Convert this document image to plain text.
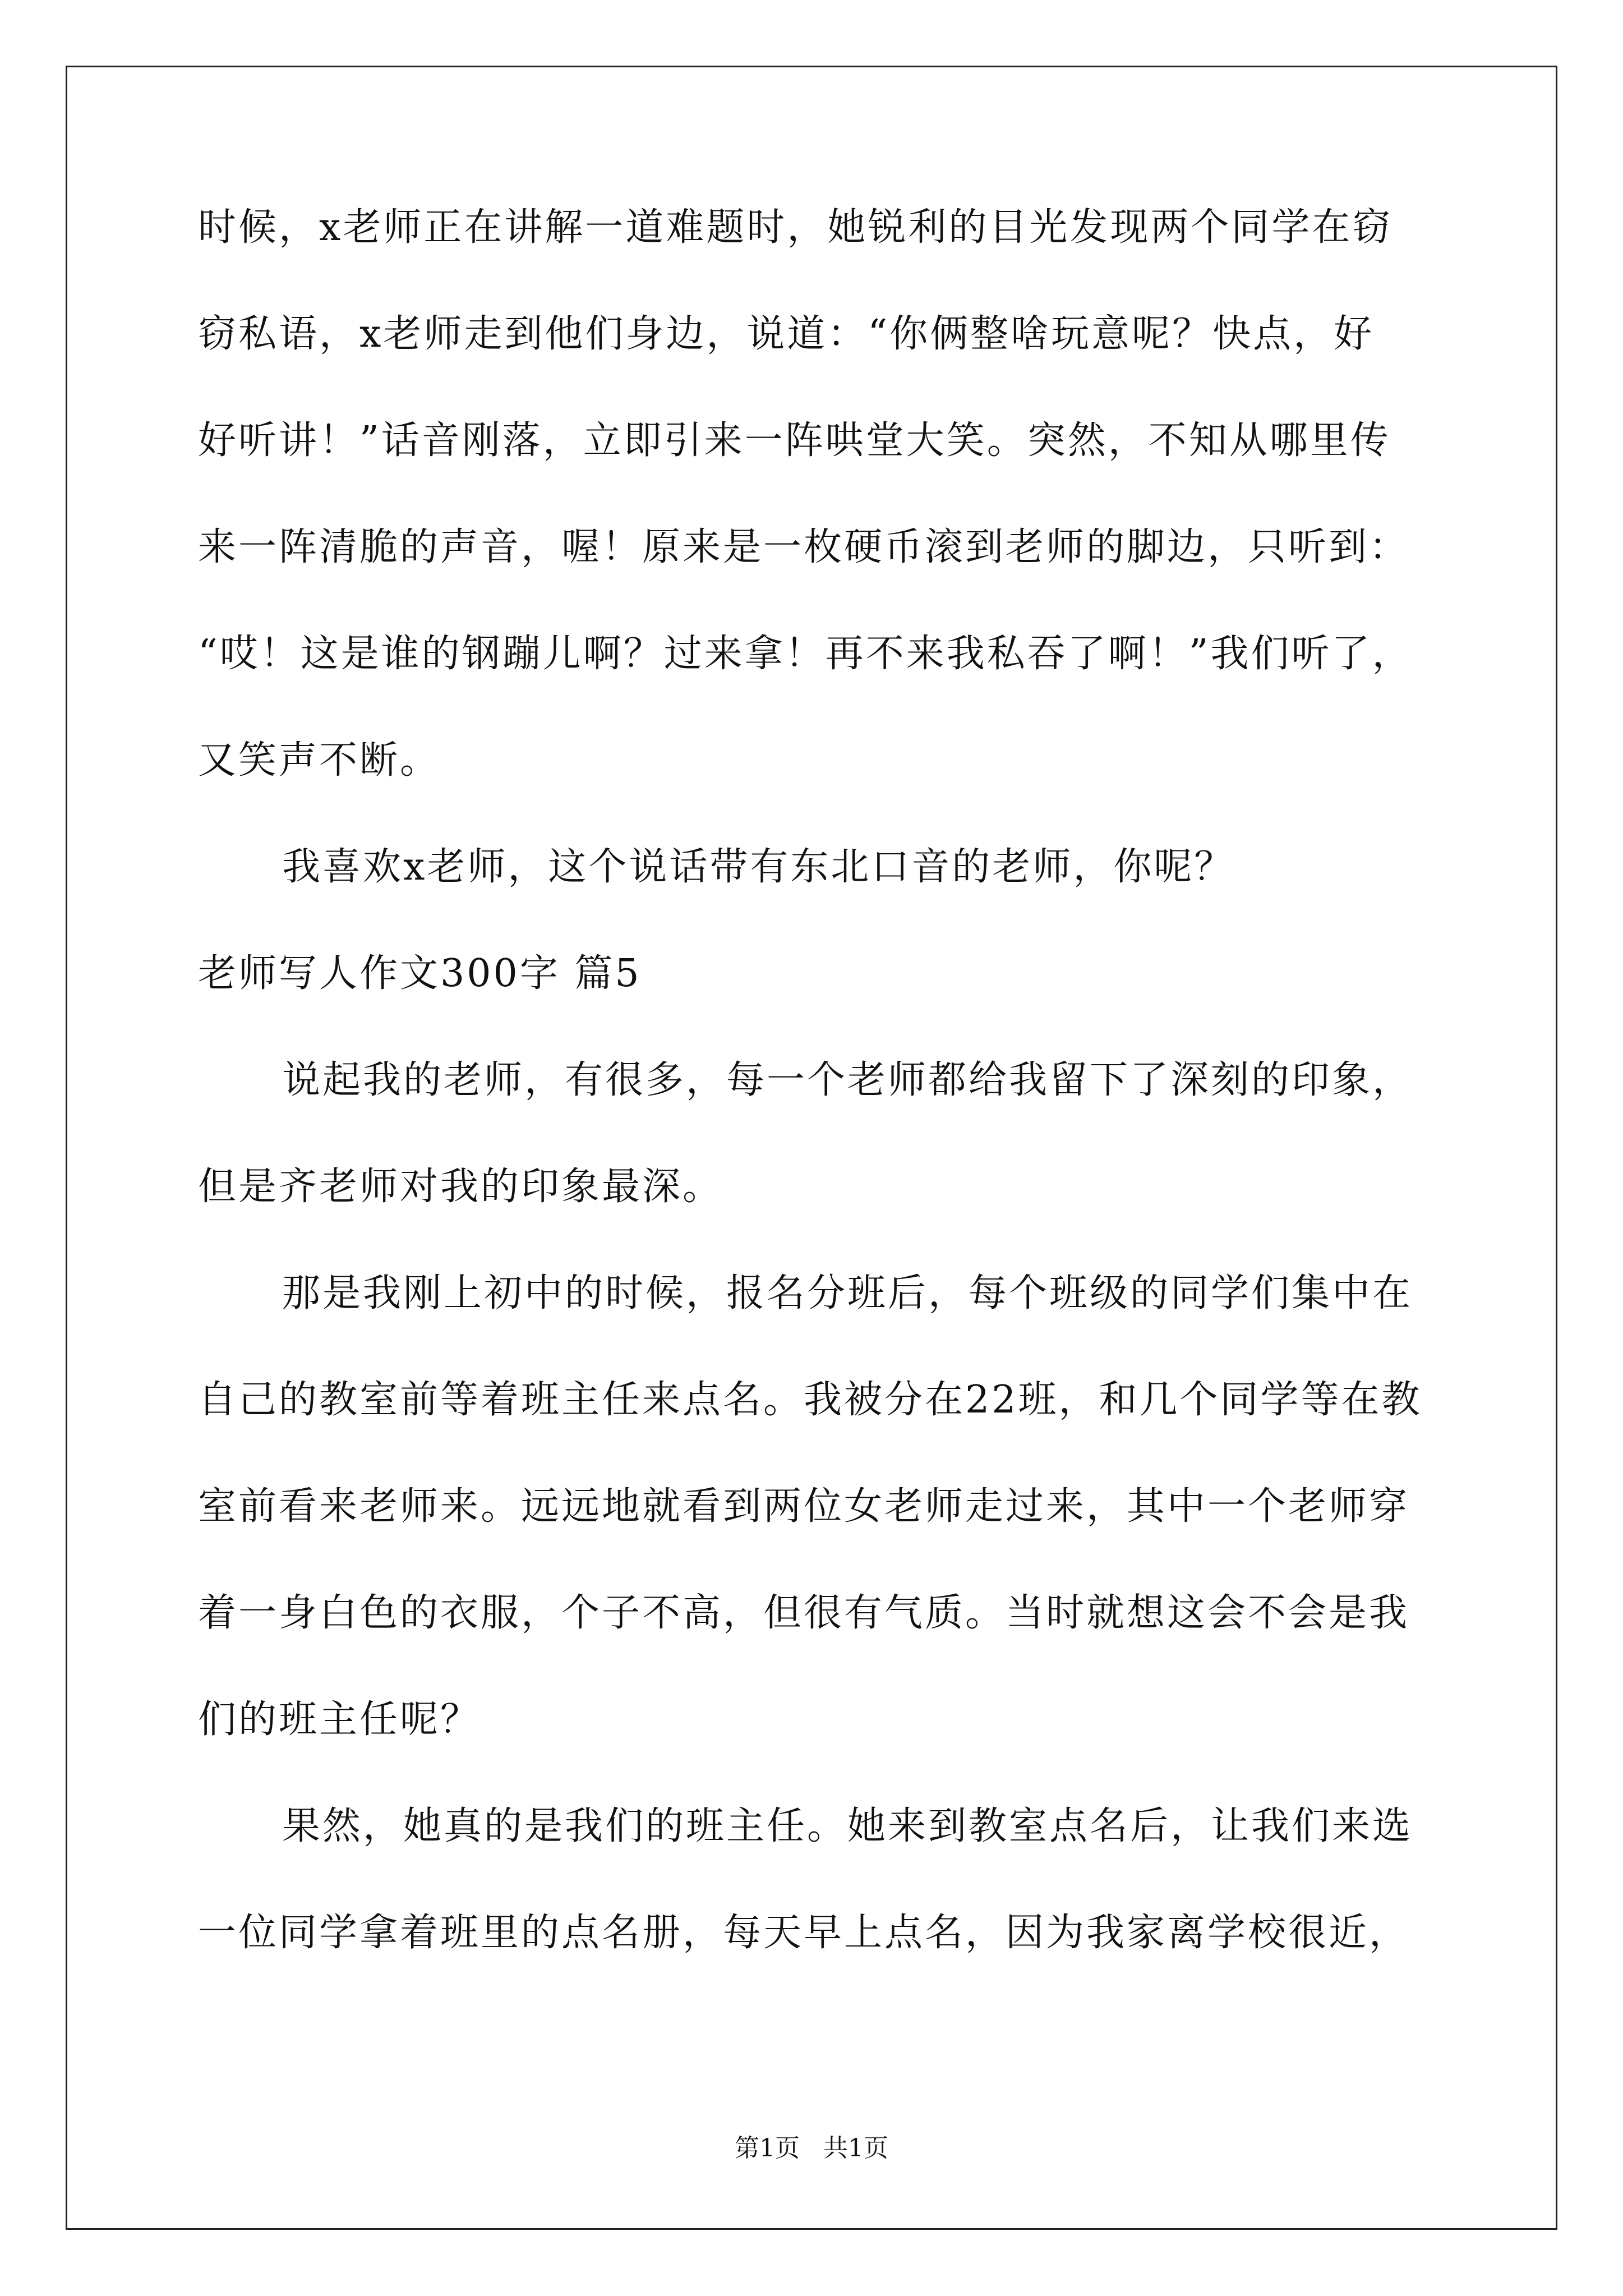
时候，x老师正在讲解一道难题时，她锐利的目光发现两个同学在窃
窃私语，x老师走到他们身边，说道：“你俩整啥玩意呢？快点，好
好听讲！”话音刚落，立即引来一阵哄堂大笑。突然，不知从哪里传
来一阵清脆的声音，喔！原来是一枚硬币滚到老师的脚边，只听到：
“哎！这是谁的钢蹦儿啊？过来拿！再不来我私吞了啊！”我们听了，
又笑声不断。
我喜欢x老师，这个说话带有东北口音的老师，你呢？
老师写人作文300字 篇5
说起我的老师，有很多，每一个老师都给我留下了深刻的印象，
但是齐老师对我的印象最深。
那是我刚上初中的时候，报名分班后，每个班级的同学们集中在
自己的教室前等着班主任来点名。我被分在22班，和几个同学等在教
室前看来老师来。远远地就看到两位女老师走过来，其中一个老师穿
着一身白色的衣服，个子不高，但很有气质。当时就想这会不会是我
们的班主任呢？
果然，她真的是我们的班主任。她来到教室点名后，让我们来选
一位同学拿着班里的点名册，每天早上点名，因为我家离学校很近，
第1页   共1页
